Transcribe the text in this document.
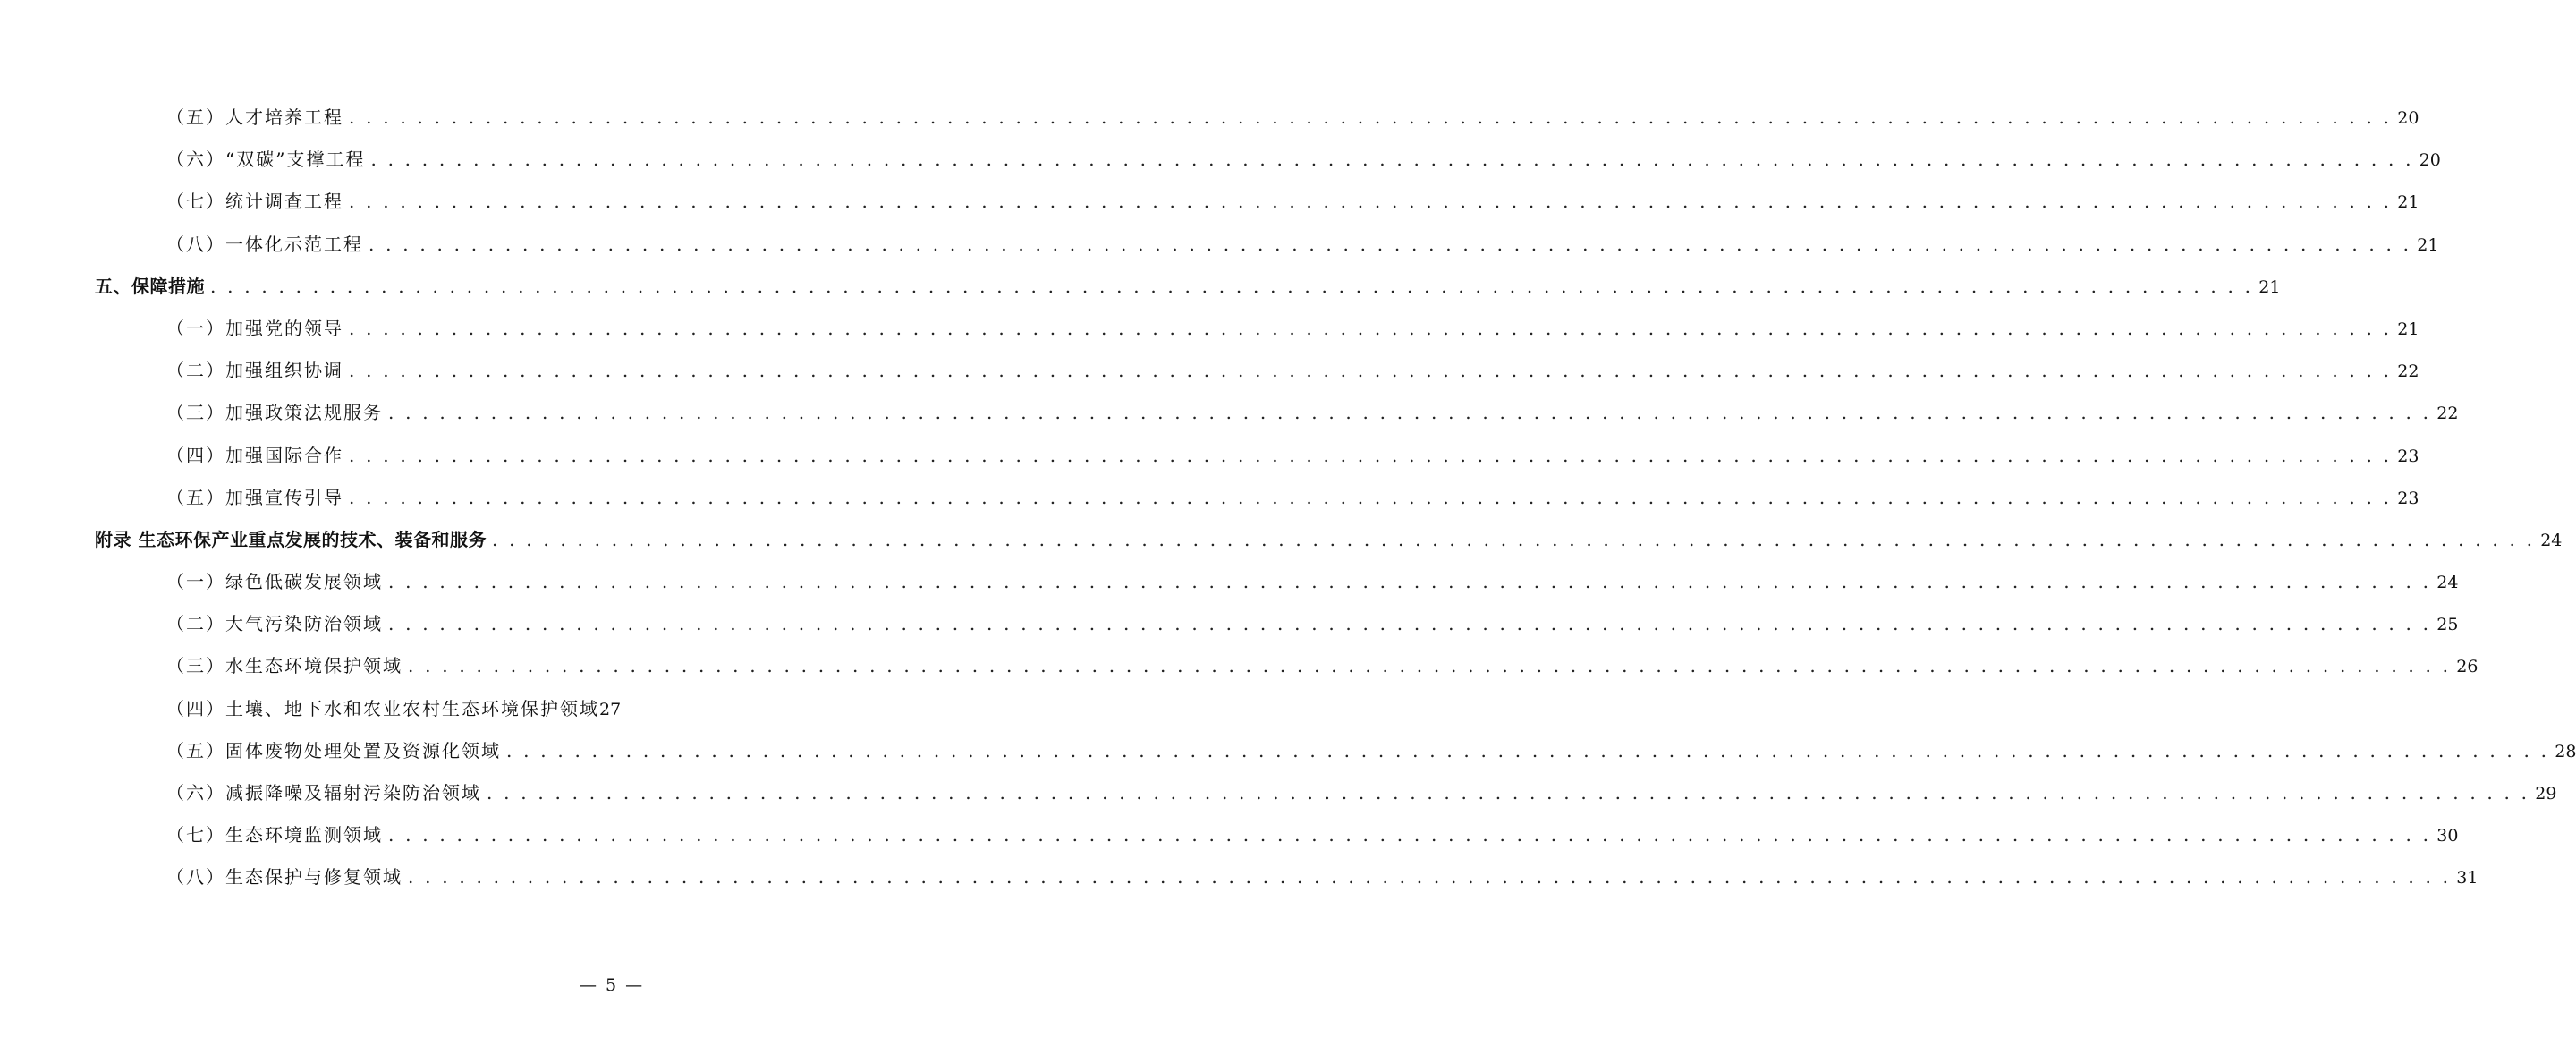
（五）人才培养工程 . . . . . . . . . . . . . . . . . . . . . . . . . . . . . . . . . . . . . . . . . . . . . . . . . . . . . . . . . . . . . . . . . . . . . . . . . . . . . . . . . . . . . . . . . . . . . . . . . . . . . . . . . . . . . . . . . . . . . . . . 20
（六）“双碳”支撑工程 . . . . . . . . . . . . . . . . . . . . . . . . . . . . . . . . . . . . . . . . . . . . . . . . . . . . . . . . . . . . . . . . . . . . . . . . . . . . . . . . . . . . . . . . . . . . . . . . . . . . . . . . . . . . . . . . . . . . . . . . 20
（七）统计调查工程 . . . . . . . . . . . . . . . . . . . . . . . . . . . . . . . . . . . . . . . . . . . . . . . . . . . . . . . . . . . . . . . . . . . . . . . . . . . . . . . . . . . . . . . . . . . . . . . . . . . . . . . . . . . . . . . . . . . . . . . . 21
（八）一体化示范工程 . . . . . . . . . . . . . . . . . . . . . . . . . . . . . . . . . . . . . . . . . . . . . . . . . . . . . . . . . . . . . . . . . . . . . . . . . . . . . . . . . . . . . . . . . . . . . . . . . . . . . . . . . . . . . . . . . . . . . . . . 21
五、保障措施 . . . . . . . . . . . . . . . . . . . . . . . . . . . . . . . . . . . . . . . . . . . . . . . . . . . . . . . . . . . . . . . . . . . . . . . . . . . . . . . . . . . . . . . . . . . . . . . . . . . . . . . . . . . . . . . . . . . . . . . . 21
（一）加强党的领导 . . . . . . . . . . . . . . . . . . . . . . . . . . . . . . . . . . . . . . . . . . . . . . . . . . . . . . . . . . . . . . . . . . . . . . . . . . . . . . . . . . . . . . . . . . . . . . . . . . . . . . . . . . . . . . . . . . . . . . . . 21
（二）加强组织协调 . . . . . . . . . . . . . . . . . . . . . . . . . . . . . . . . . . . . . . . . . . . . . . . . . . . . . . . . . . . . . . . . . . . . . . . . . . . . . . . . . . . . . . . . . . . . . . . . . . . . . . . . . . . . . . . . . . . . . . . . 22
（三）加强政策法规服务 . . . . . . . . . . . . . . . . . . . . . . . . . . . . . . . . . . . . . . . . . . . . . . . . . . . . . . . . . . . . . . . . . . . . . . . . . . . . . . . . . . . . . . . . . . . . . . . . . . . . . . . . . . . . . . . . . . . . . . . . 22
（四）加强国际合作 . . . . . . . . . . . . . . . . . . . . . . . . . . . . . . . . . . . . . . . . . . . . . . . . . . . . . . . . . . . . . . . . . . . . . . . . . . . . . . . . . . . . . . . . . . . . . . . . . . . . . . . . . . . . . . . . . . . . . . . . 23
（五）加强宣传引导 . . . . . . . . . . . . . . . . . . . . . . . . . . . . . . . . . . . . . . . . . . . . . . . . . . . . . . . . . . . . . . . . . . . . . . . . . . . . . . . . . . . . . . . . . . . . . . . . . . . . . . . . . . . . . . . . . . . . . . . . 23
附录 生态环保产业重点发展的技术、装备和服务 . . . . . . . . . . . . . . . . . . . . . . . . . . . . . . . . . . . . . . . . . . . . . . . . . . . . . . . . . . . . . . . . . . . . . . . . . . . . . . . . . . . . . . . . . . . . . . . . . . . . . . . . . . . . . . . . . . . . . . . . 24
（一）绿色低碳发展领域 . . . . . . . . . . . . . . . . . . . . . . . . . . . . . . . . . . . . . . . . . . . . . . . . . . . . . . . . . . . . . . . . . . . . . . . . . . . . . . . . . . . . . . . . . . . . . . . . . . . . . . . . . . . . . . . . . . . . . . . . 24
（二）大气污染防治领域 . . . . . . . . . . . . . . . . . . . . . . . . . . . . . . . . . . . . . . . . . . . . . . . . . . . . . . . . . . . . . . . . . . . . . . . . . . . . . . . . . . . . . . . . . . . . . . . . . . . . . . . . . . . . . . . . . . . . . . . . 25
（三）水生态环境保护领域 . . . . . . . . . . . . . . . . . . . . . . . . . . . . . . . . . . . . . . . . . . . . . . . . . . . . . . . . . . . . . . . . . . . . . . . . . . . . . . . . . . . . . . . . . . . . . . . . . . . . . . . . . . . . . . . . . . . . . . . . 26
（四）土壤、地下水和农业农村生态环境保护领域 27
（五）固体废物处理处置及资源化领域 . . . . . . . . . . . . . . . . . . . . . . . . . . . . . . . . . . . . . . . . . . . . . . . . . . . . . . . . . . . . . . . . . . . . . . . . . . . . . . . . . . . . . . . . . . . . . . . . . . . . . . . . . . . . . . . . . . . . . . . . 28
（六）减振降噪及辐射污染防治领域 . . . . . . . . . . . . . . . . . . . . . . . . . . . . . . . . . . . . . . . . . . . . . . . . . . . . . . . . . . . . . . . . . . . . . . . . . . . . . . . . . . . . . . . . . . . . . . . . . . . . . . . . . . . . . . . . . . . . . . . . 29
（七）生态环境监测领域 . . . . . . . . . . . . . . . . . . . . . . . . . . . . . . . . . . . . . . . . . . . . . . . . . . . . . . . . . . . . . . . . . . . . . . . . . . . . . . . . . . . . . . . . . . . . . . . . . . . . . . . . . . . . . . . . . . . . . . . . 30
（八）生态保护与修复领域 . . . . . . . . . . . . . . . . . . . . . . . . . . . . . . . . . . . . . . . . . . . . . . . . . . . . . . . . . . . . . . . . . . . . . . . . . . . . . . . . . . . . . . . . . . . . . . . . . . . . . . . . . . . . . . . . . . . . . . . . 31
— 5 —
